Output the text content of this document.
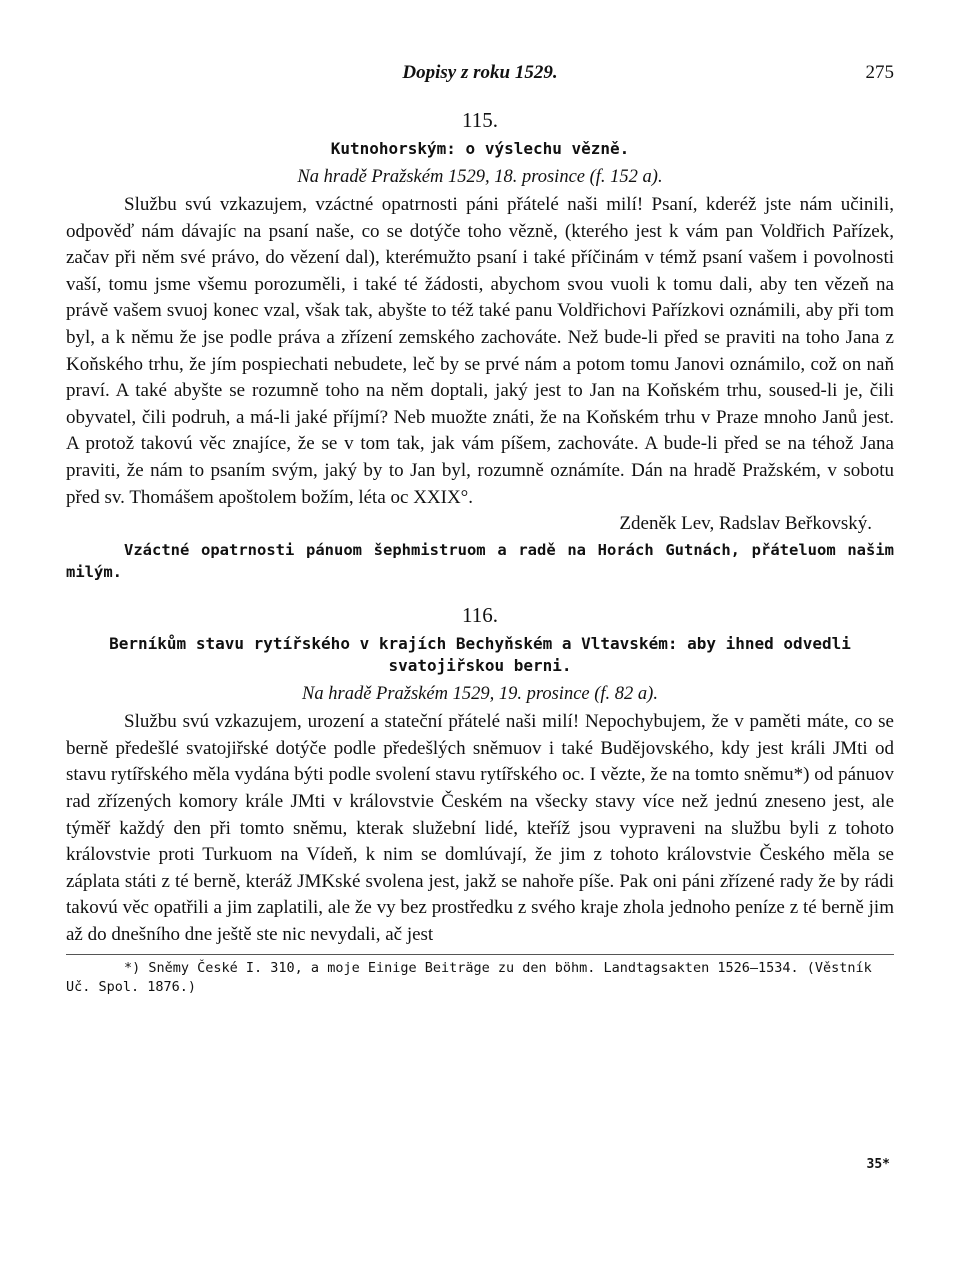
Dopisy z roku 1529.	275
115.
Kutnohorským: o výslechu vězně.
Na hradě Pražském 1529, 18. prosince (f. 152 a).

Službu svú vzkazujem, vzáctné opatrnosti páni přátelé naši milí! Psaní, kderéž jste nám učinili, odpověď nám dávajíc na psaní naše, co se dotýče toho vězně, (kterého jest k vám pan Voldřich Pařízek, začav při něm své právo, do vězení dal), kterémužto psaní i také příčinám v témž psaní vašem i povolnosti vaší, tomu jsme všemu porozuměli, i také té žádosti, abychom svou vuoli k tomu dali, aby ten vězeň na právě vašem svuoj konec vzal, však tak, abyšte to též také panu Voldřichovi Pařízkovi oznámili, aby při tom byl, a k němu že jse podle práva a zřízení zemského zachováte. Než bude-li před se praviti na toho Jana z Koňského trhu, že jím pospiechati nebudete, leč by se prvé nám a potom tomu Janovi oznámilo, což on naň praví. A také abyšte se rozumně toho na něm doptali, jaký jest to Jan na Koňském trhu, soused-li je, čili obyvatel, čili podruh, a má-li jaké příjmí? Neb muožte znáti, že na Koňském trhu v Praze mnoho Janů jest. A protož takovú věc znajíce, že se v tom tak, jak vám píšem, zachováte. A bude-li před se na téhož Jana praviti, že nám to psaním svým, jaký by to Jan byl, rozumně oznámíte. Dán na hradě Pražském, v sobotu před sv. Thomášem apoštolem božím, léta oc XXIX°.

Zdeněk Lev, Radslav Beřkovský.
Vzáctné opatrnosti pánuom šephmistruom a radě na Horách Gutnách, přáteluom našim milým.
116.
Berníkům stavu rytířského v krajích Bechyňském a Vltavském: aby ihned odvedli svatojiřskou berni.
Na hradě Pražském 1529, 19. prosince (f. 82 a).

Službu svú vzkazujem, urození a stateční přátelé naši milí! Nepochybujem, že v paměti máte, co se berně předešlé svatojiřské dotýče podle předešlých sněmuov i také Budějovského, kdy jest králi JMti od stavu rytířského měla vydána býti podle svolení stavu rytířského oc. I vězte, že na tomto sněmu*) od pánuov rad zřízených komory krále JMti v královstvie Českém na všecky stavy více než jednú zneseno jest, ale týměř každý den při tomto sněmu, kterak služební lidé, kteříž jsou vypraveni na službu byli z tohoto královstvie proti Turkuom na Vídeň, k nim se domlúvají, že jim z tohoto královstvie Českého měla se záplata státi z té berně, kteráž JMKské svolena jest, jakž se nahoře píše. Pak oni páni zřízené rady že by rádi takovú věc opatřili a jim zaplatili, ale že vy bez prostředku z svého kraje zhola jednoho peníze z té berně jim až do dnešního dne ještě ste nic nevydali, ač jest

*) Sněmy České I. 310, a moje Einige Beiträge zu den böhm. Landtagsakten 1526—1534. (Věstník Uč. Spol. 1876.)
35*
